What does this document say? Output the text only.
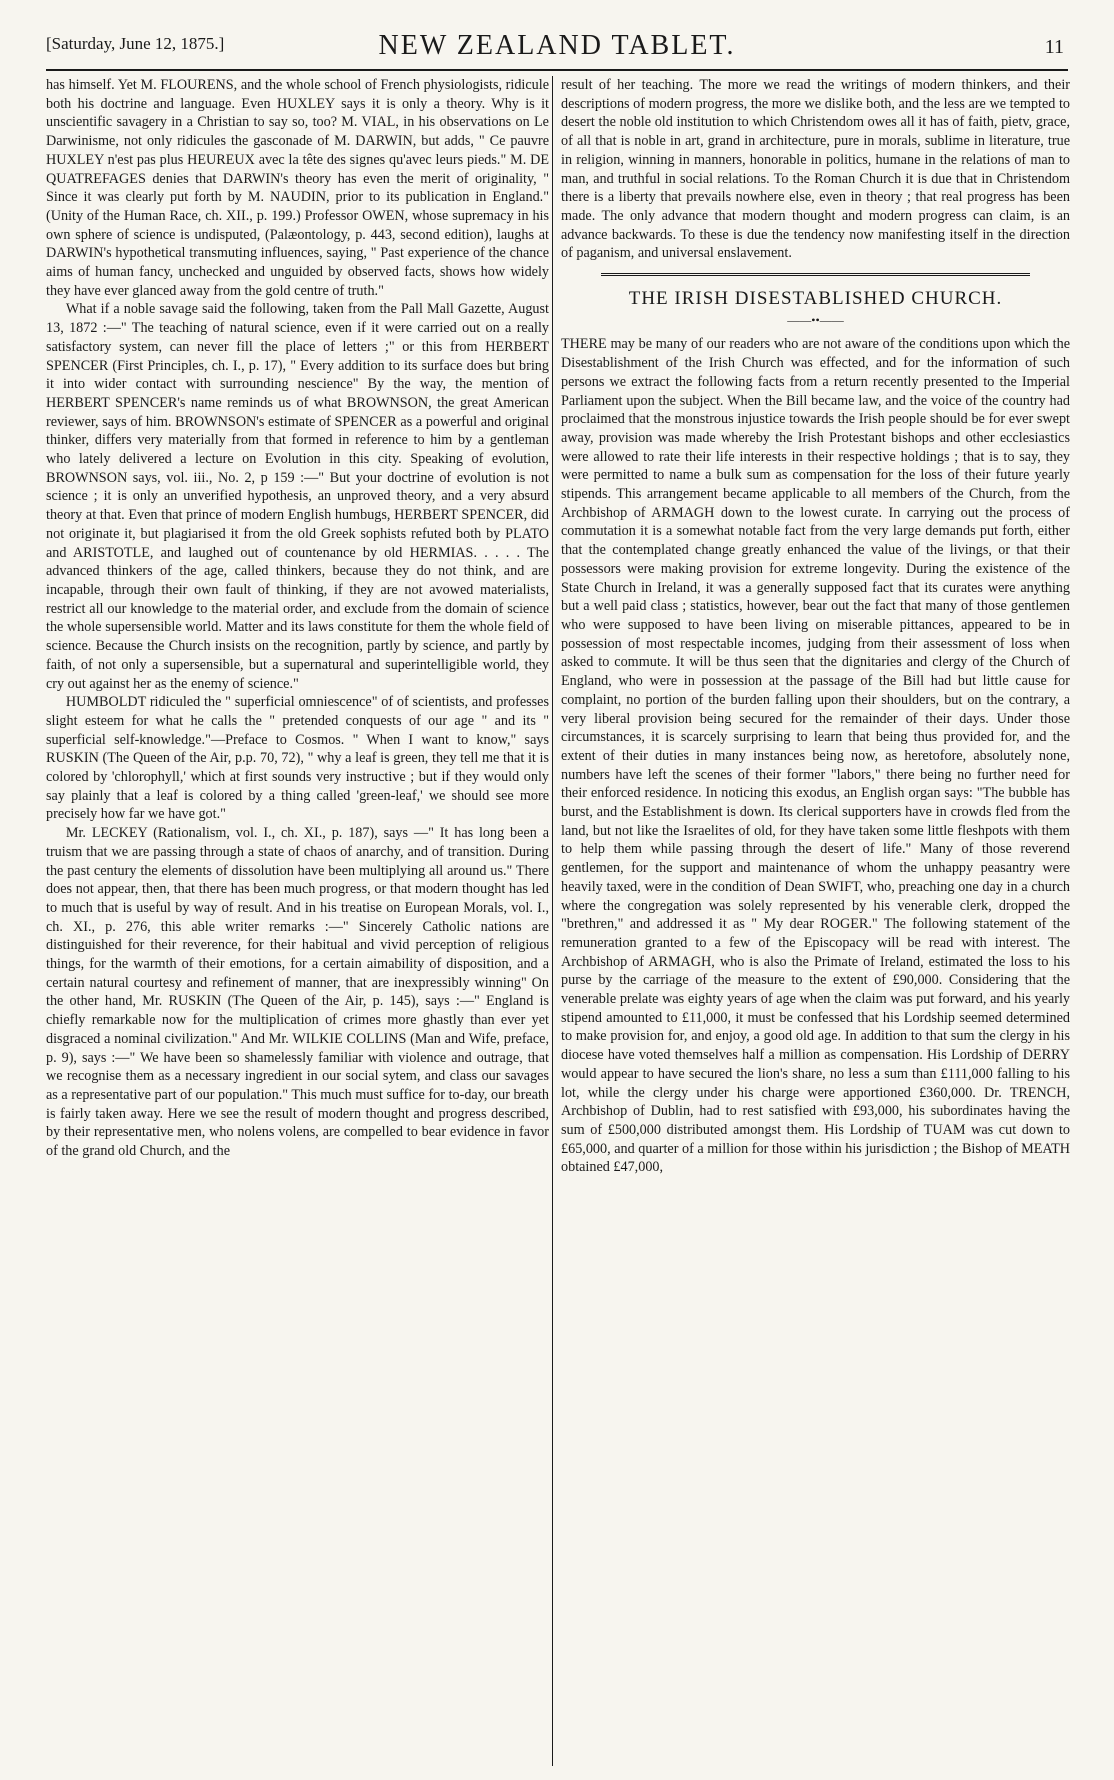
[Saturday, June 12, 1875.]	NEW ZEALAND TABLET.	11

has himself. Yet M. FLOURENS, and the whole school of French physiologists, ridicule both his doctrine and language. Even HUXLEY says it is only a theory. Why is it unscientific savagery in a Christian to say so, too? M. VIAL, in his observations on Le Darwinisme, not only ridicules the gasconade of M. DARWIN, but adds, " Ce pauvre HUXLEY n'est pas plus HEUREUX avec la tête des signes qu'avec leurs pieds." M. DE QUATREFAGES denies that DARWIN's theory has even the merit of originality, " Since it was clearly put forth by M. NAUDIN, prior to its publication in England." (Unity of the Human Race, ch. XII., p. 199.) Professor OWEN, whose supremacy in his own sphere of science is undisputed, (Palæontology, p. 443, second edition), laughs at DARWIN's hypothetical transmuting influences, saying, " Past experience of the chance aims of human fancy, unchecked and unguided by observed facts, shows how widely they have ever glanced away from the gold centre of truth."

What if a noble savage said the following, taken from the Pall Mall Gazette, August 13, 1872 :—" The teaching of natural science, even if it were carried out on a really satisfactory system, can never fill the place of letters ;" or this from HERBERT SPENCER (First Principles, ch. I., p. 17), " Every addition to its surface does but bring it into wider contact with surrounding nescience" By the way, the mention of HERBERT SPENCER's name reminds us of what BROWNSON, the great American reviewer, says of him. BROWNSON's estimate of SPENCER as a powerful and original thinker, differs very materially from that formed in reference to him by a gentleman who lately delivered a lecture on Evolution in this city. Speaking of evolution, BROWNSON says, vol. iii., No. 2, p 159 :—" But your doctrine of evolution is not science ; it is only an unverified hypothesis, an unproved theory, and a very absurd theory at that. Even that prince of modern English humbugs, HERBERT SPENCER, did not originate it, but plagiarised it from the old Greek sophists refuted both by PLATO and ARISTOTLE, and laughed out of countenance by old HERMIAS. . . . . The advanced thinkers of the age, called thinkers, because they do not think, and are incapable, through their own fault of thinking, if they are not avowed materialists, restrict all our knowledge to the material order, and exclude from the domain of science the whole supersensible world. Matter and its laws constitute for them the whole field of science. Because the Church insists on the recognition, partly by science, and partly by faith, of not only a supersensible, but a supernatural and superintelligible world, they cry out against her as the enemy of science."

HUMBOLDT ridiculed the " superficial omniescence" of of scientists, and professes slight esteem for what he calls the " pretended conquests of our age " and its " superficial self-knowledge."—Preface to Cosmos. " When I want to know," says RUSKIN (The Queen of the Air, p.p. 70, 72), " why a leaf is green, they tell me that it is colored by 'chlorophyll,' which at first sounds very instructive ; but if they would only say plainly that a leaf is colored by a thing called 'green-leaf,' we should see more precisely how far we have got."

Mr. LECKEY (Rationalism, vol. I., ch. XI., p. 187), says —" It has long been a truism that we are passing through a state of chaos of anarchy, and of transition. During the past century the elements of dissolution have been multiplying all around us." There does not appear, then, that there has been much progress, or that modern thought has led to much that is useful by way of result. And in his treatise on European Morals, vol. I., ch. XI., p. 276, this able writer remarks :—" Sincerely Catholic nations are distinguished for their reverence, for their habitual and vivid perception of religious things, for the warmth of their emotions, for a certain aimability of disposition, and a certain natural courtesy and refinement of manner, that are inexpressibly winning" On the other hand, Mr. RUSKIN (The Queen of the Air, p. 145), says :—" England is chiefly remarkable now for the multiplication of crimes more ghastly than ever yet disgraced a nominal civilization." And Mr. WILKIE COLLINS (Man and Wife, preface, p. 9), says :—" We have been so shamelessly familiar with violence and outrage, that we recognise them as a necessary ingredient in our social sytem, and class our savages as a representative part of our population." This much must suffice for to-day, our breath is fairly taken away. Here we see the result of modern thought and progress described, by their representative men, who nolens volens, are compelled to bear evidence in favor of the grand old Church, and the

result of her teaching. The more we read the writings of modern thinkers, and their descriptions of modern progress, the more we dislike both, and the less are we tempted to desert the noble old institution to which Christendom owes all it has of faith, pietv, grace, of all that is noble in art, grand in architecture, pure in morals, sublime in literature, true in religion, winning in manners, honorable in politics, humane in the relations of man to man, and truthful in social relations. To the Roman Church it is due that in Christendom there is a liberty that prevails nowhere else, even in theory ; that real progress has been made. The only advance that modern thought and modern progress can claim, is an advance backwards. To these is due the tendency now manifesting itself in the direction of paganism, and universal enslavement.

THE IRISH DISESTABLISHED CHURCH.
——••——

THERE may be many of our readers who are not aware of the conditions upon which the Disestablishment of the Irish Church was effected, and for the information of such persons we extract the following facts from a return recently presented to the Imperial Parliament upon the subject. When the Bill became law, and the voice of the country had proclaimed that the monstrous injustice towards the Irish people should be for ever swept away, provision was made whereby the Irish Protestant bishops and other ecclesiastics were allowed to rate their life interests in their respective holdings ; that is to say, they were permitted to name a bulk sum as compensation for the loss of their future yearly stipends. This arrangement became applicable to all members of the Church, from the Archbishop of ARMAGH down to the lowest curate. In carrying out the process of commutation it is a somewhat notable fact from the very large demands put forth, either that the contemplated change greatly enhanced the value of the livings, or that their possessors were making provision for extreme longevity. During the existence of the State Church in Ireland, it was a generally supposed fact that its curates were anything but a well paid class ; statistics, however, bear out the fact that many of those gentlemen who were supposed to have been living on miserable pittances, appeared to be in possession of most respectable incomes, judging from their assessment of loss when asked to commute. It will be thus seen that the dignitaries and clergy of the Church of England, who were in possession at the passage of the Bill had but little cause for complaint, no portion of the burden falling upon their shoulders, but on the contrary, a very liberal provision being secured for the remainder of their days. Under those circumstances, it is scarcely surprising to learn that being thus provided for, and the extent of their duties in many instances being now, as heretofore, absolutely none, numbers have left the scenes of their former "labors," there being no further need for their enforced residence. In noticing this exodus, an English organ says: "The bubble has burst, and the Establishment is down. Its clerical supporters have in crowds fled from the land, but not like the Israelites of old, for they have taken some little fleshpots with them to help them while passing through the desert of life." Many of those reverend gentlemen, for the support and maintenance of whom the unhappy peasantry were heavily taxed, were in the condition of Dean SWIFT, who, preaching one day in a church where the congregation was solely represented by his venerable clerk, dropped the "brethren," and addressed it as " My dear ROGER." The following statement of the remuneration granted to a few of the Episcopacy will be read with interest. The Archbishop of ARMAGH, who is also the Primate of Ireland, estimated the loss to his purse by the carriage of the measure to the extent of £90,000. Considering that the venerable prelate was eighty years of age when the claim was put forward, and his yearly stipend amounted to £11,000, it must be confessed that his Lordship seemed determined to make provision for, and enjoy, a good old age. In addition to that sum the clergy in his diocese have voted themselves half a million as compensation. His Lordship of DERRY would appear to have secured the lion's share, no less a sum than £111,000 falling to his lot, while the clergy under his charge were apportioned £360,000. Dr. TRENCH, Archbishop of Dublin, had to rest satisfied with £93,000, his subordinates having the sum of £500,000 distributed amongst them. His Lordship of TUAM was cut down to £65,000, and quarter of a million for those within his jurisdiction ; the Bishop of MEATH obtained £47,000,
